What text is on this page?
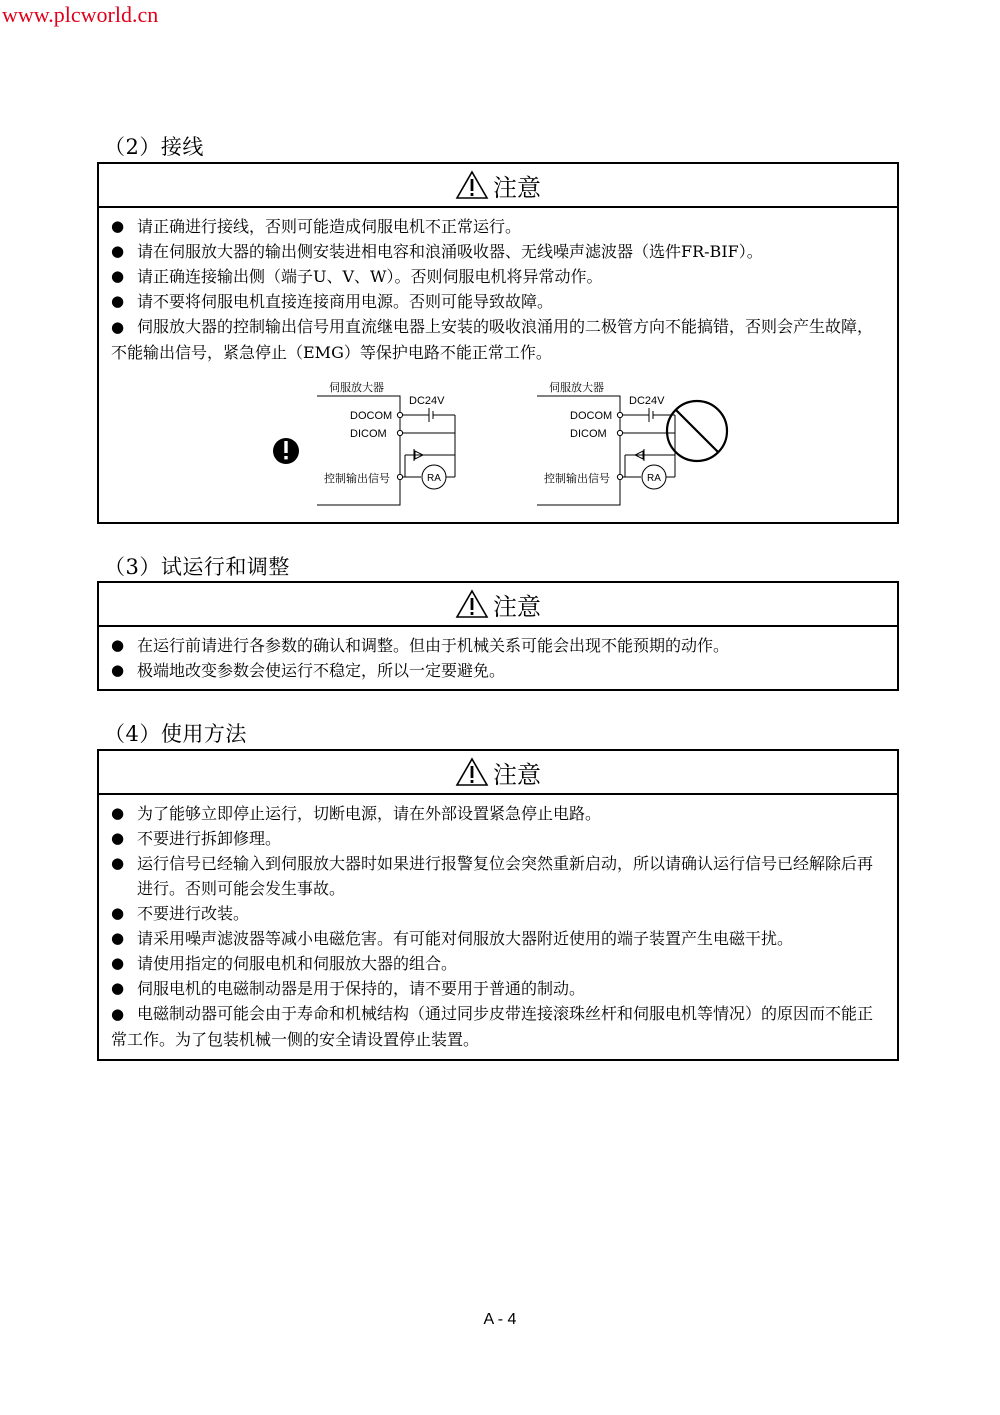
www.plcworld.cn
（2）接线
注意
● 请正确进行接线，否则可能造成伺服电机不正常运行。
● 请在伺服放大器的输出侧安装进相电容和浪涌吸收器、无线噪声滤波器（选件FR-BIF）。
● 请正确连接输出侧（端子U、V、W）。否则伺服电机将异常动作。
● 请不要将伺服电机直接连接商用电源。否则可能导致故障。
● 伺服放大器的控制输出信号用直流继电器上安装的吸收浪涌用的二极管方向不能搞错，否则会产生故障，不能输出信号，紧急停止（EMG）等保护电路不能正常工作。
伺服放大器
DC24V
DOCOM
DICOM
控制输出信号	RA
伺服放大器
DC24V
DOCOM
DICOM
控制输出信号	RA
（3）试运行和调整
注意
● 在运行前请进行各参数的确认和调整。但由于机械关系可能会出现不能预期的动作。
● 极端地改变参数会使运行不稳定，所以一定要避免。
（4）使用方法
注意
● 为了能够立即停止运行，切断电源，请在外部设置紧急停止电路。
● 不要进行拆卸修理。
● 运行信号已经输入到伺服放大器时如果进行报警复位会突然重新启动，所以请确认运行信号已经解除后再进行。否则可能会发生事故。
● 不要进行改装。
● 请采用噪声滤波器等减小电磁危害。有可能对伺服放大器附近使用的端子装置产生电磁干扰。
● 请使用指定的伺服电机和伺服放大器的组合。
● 伺服电机的电磁制动器是用于保持的，请不要用于普通的制动。
● 电磁制动器可能会由于寿命和机械结构（通过同步皮带连接滚珠丝杆和伺服电机等情况）的原因而不能正常工作。为了包装机械一侧的安全请设置停止装置。
A - 4
